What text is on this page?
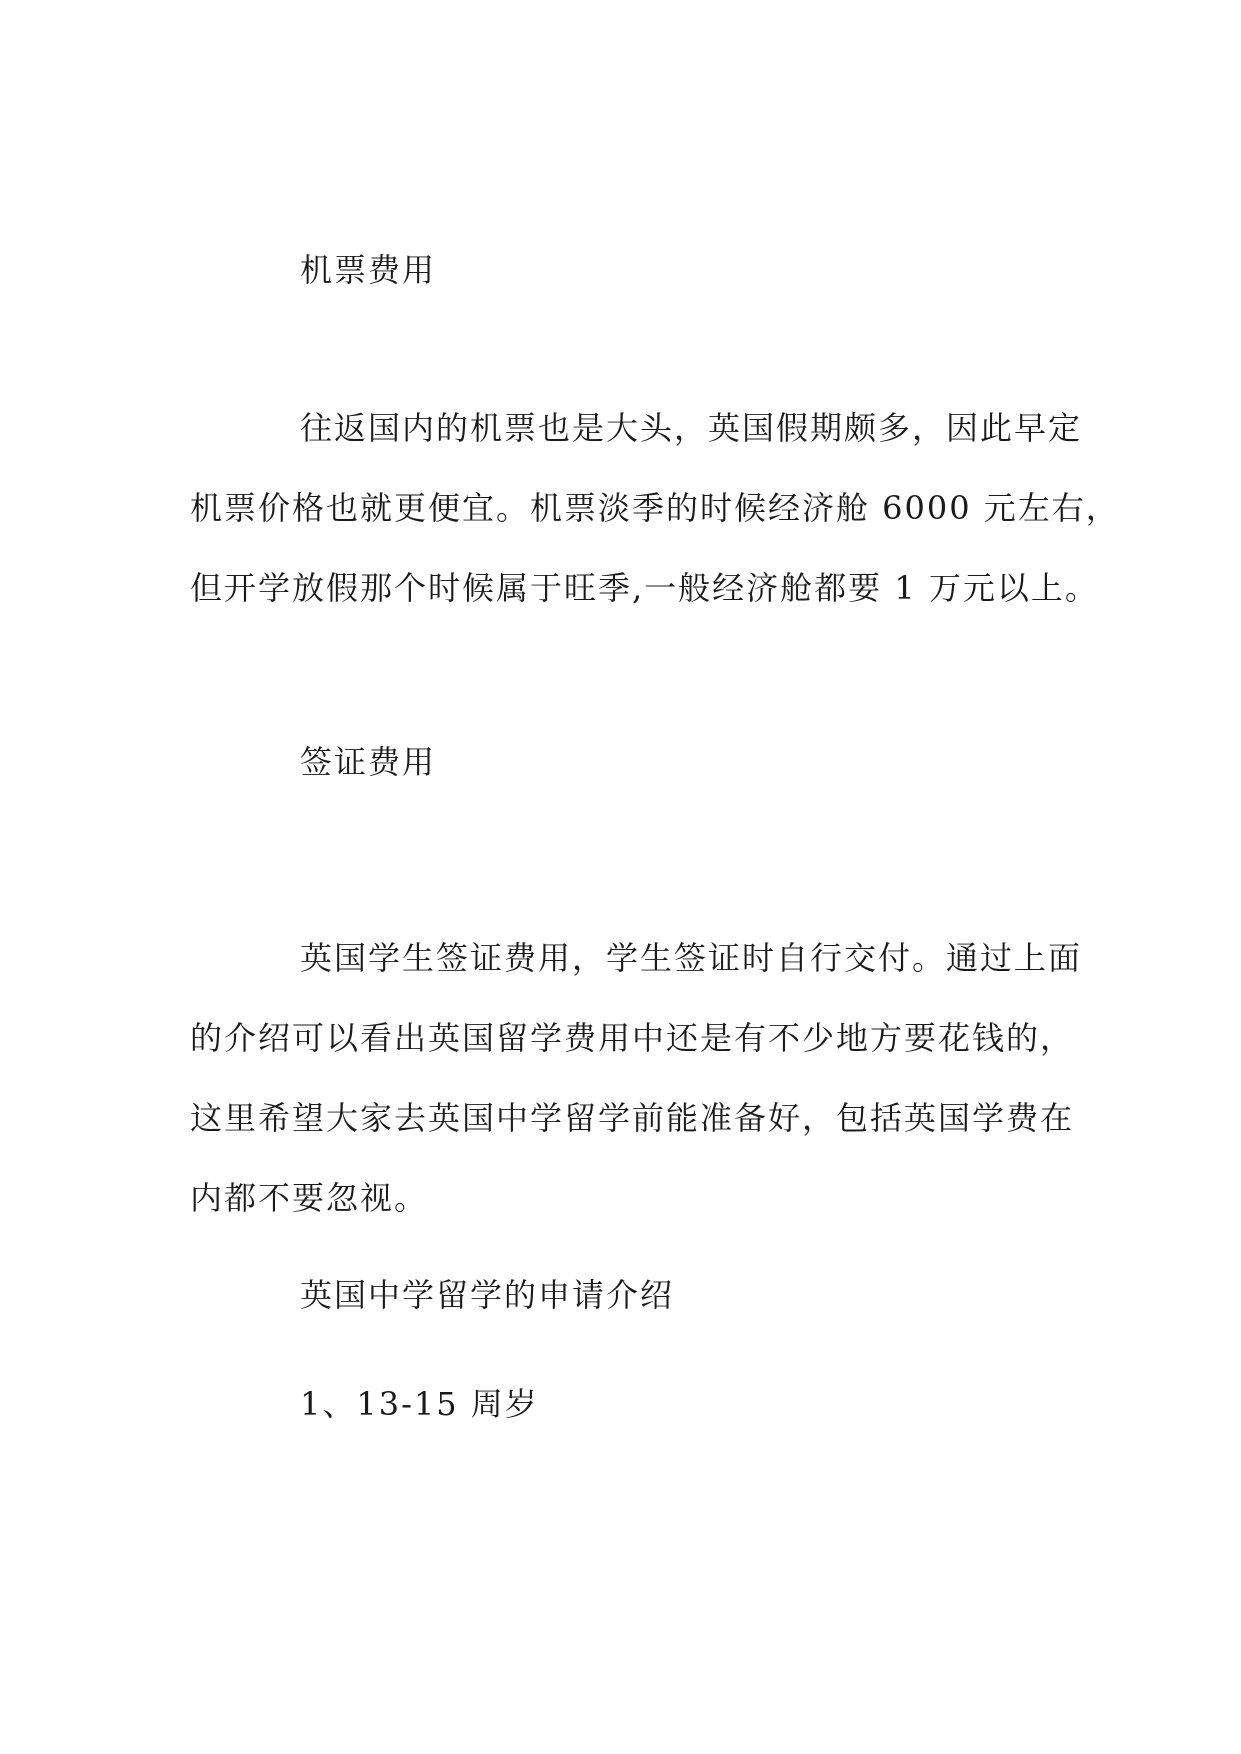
机票费用
往返国内的机票也是大头，英国假期颇多，因此早定
机票价格也就更便宜。机票淡季的时候经济舱 6000 元左右，
但开学放假那个时候属于旺季,一般经济舱都要 1 万元以上。
签证费用
英国学生签证费用，学生签证时自行交付。通过上面
的介绍可以看出英国留学费用中还是有不少地方要花钱的，
这里希望大家去英国中学留学前能准备好，包括英国学费在
内都不要忽视。
英国中学留学的申请介绍
1、13-15 周岁
